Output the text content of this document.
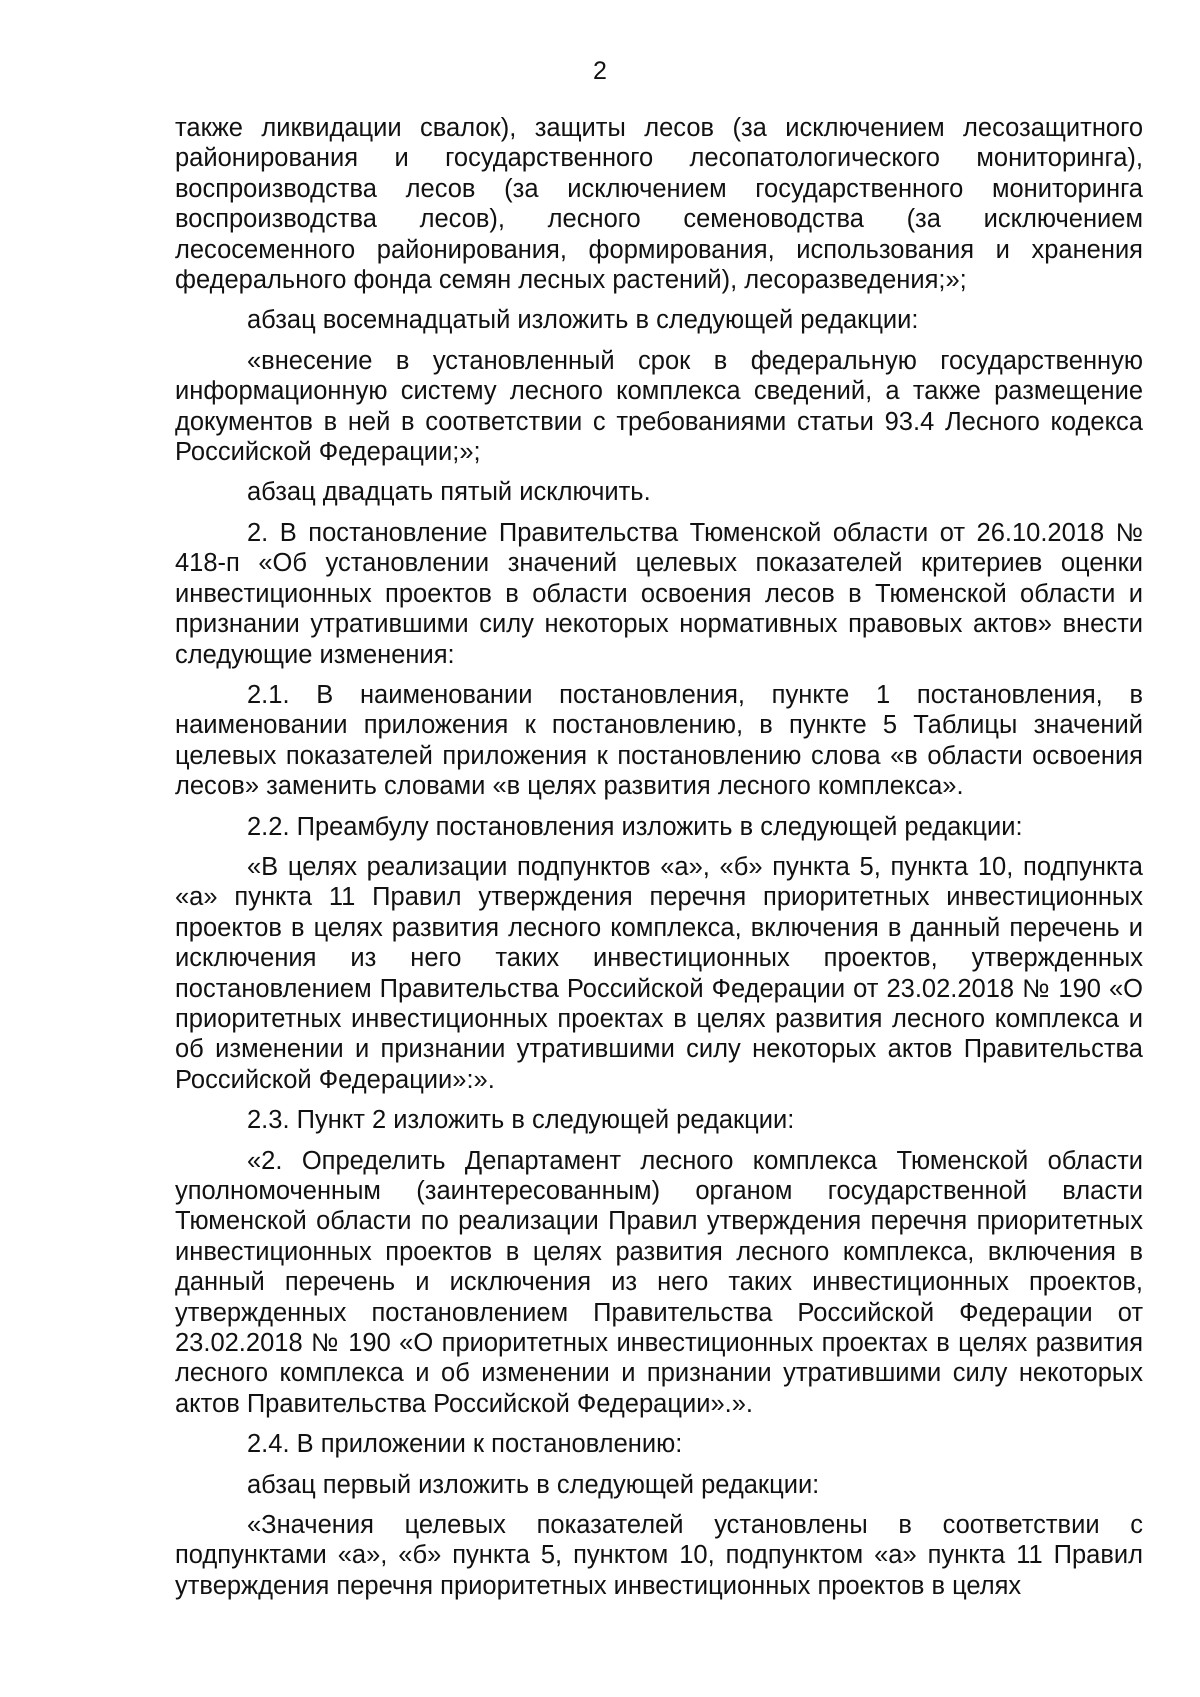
2

также ликвидации свалок), защиты лесов (за исключением лесозащитного районирования и государственного лесопатологического мониторинга), воспроизводства лесов (за исключением государственного мониторинга воспроизводства лесов), лесного семеноводства (за исключением лесосеменного районирования, формирования, использования и хранения федерального фонда семян лесных растений), лесоразведения;»;

абзац восемнадцатый изложить в следующей редакции:

«внесение в установленный срок в федеральную государственную информационную систему лесного комплекса сведений, а также размещение документов в ней в соответствии с требованиями статьи 93.4 Лесного кодекса Российской Федерации;»;

абзац двадцать пятый исключить.

2. В постановление Правительства Тюменской области от 26.10.2018 № 418-п «Об установлении значений целевых показателей критериев оценки инвестиционных проектов в области освоения лесов в Тюменской области и признании утратившими силу некоторых нормативных правовых актов» внести следующие изменения:

2.1. В наименовании постановления, пункте 1 постановления, в наименовании приложения к постановлению, в пункте 5 Таблицы значений целевых показателей приложения к постановлению слова «в области освоения лесов» заменить словами «в целях развития лесного комплекса».

2.2. Преамбулу постановления изложить в следующей редакции:

«В целях реализации подпунктов «а», «б» пункта 5, пункта 10, подпункта «а» пункта 11 Правил утверждения перечня приоритетных инвестиционных проектов в целях развития лесного комплекса, включения в данный перечень и исключения из него таких инвестиционных проектов, утвержденных постановлением Правительства Российской Федерации от 23.02.2018 № 190 «О приоритетных инвестиционных проектах в целях развития лесного комплекса и об изменении и признании утратившими силу некоторых актов Правительства Российской Федерации»:».

2.3. Пункт 2 изложить в следующей редакции:

«2. Определить Департамент лесного комплекса Тюменской области уполномоченным (заинтересованным) органом государственной власти Тюменской области по реализации Правил утверждения перечня приоритетных инвестиционных проектов в целях развития лесного комплекса, включения в данный перечень и исключения из него таких инвестиционных проектов, утвержденных постановлением Правительства Российской Федерации от 23.02.2018 № 190 «О приоритетных инвестиционных проектах в целях развития лесного комплекса и об изменении и признании утратившими силу некоторых актов Правительства Российской Федерации».».

2.4. В приложении к постановлению:

абзац первый изложить в следующей редакции:

«Значения целевых показателей установлены в соответствии с подпунктами «а», «б» пункта 5, пунктом 10, подпунктом «а» пункта 11 Правил утверждения перечня приоритетных инвестиционных проектов в целях
